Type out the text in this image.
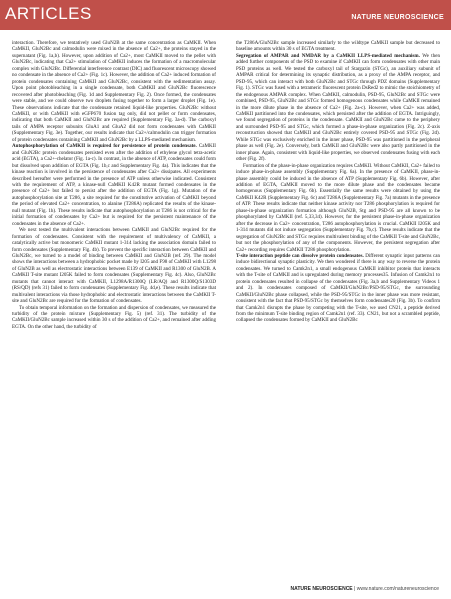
ARTICLES	NATURE NEUROSCIENCE

interaction. Therefore, we tentatively used GluN2B at the same concentration as CaMKII. When CaMKII, GluN2Bc and calmodulin were mixed in the absence of Ca2+, the proteins stayed in the supernatant (Fig. 1a,b). However, upon addition of Ca2+, most CaMKII moved to the pellet with GluN2Bc, indicating that Ca2+ stimulation of CaMKII induces the formation of a macromolecular complex with GluN2Bc. Differential interference contrast (DIC) and fluorescent microscopy showed no condensate in the absence of Ca2+ (Fig. 1c). However, the addition of Ca2+ induced formation of protein condensates containing CaMKII and GluN2Bc, consistent with the sedimentation assay. Upon point photobleaching in a single condensate, both CaMKII and GluN2Bc fluorescence recovered after photobleaching (Fig. 1d and Supplementary Fig. 2). Once formed, the condensates were stable, and we could observe two droplets fusing together to form a larger droplet (Fig. 1e). These observations indicate that the condensate retained liquid-like properties. GluN2Bc without CaMKII, or with CaMKII with eGFP670 fusion tag only, did not pellet or form condensates, indicating that both CaMKII and GluN2Bc are required (Supplementary Fig. 3a-d). The carboxyl tails of AMPA receptor subunits GluA1 and GluA2 did not form condensates with CaMKII (Supplementary Fig. 3e). Together, our results indicate that Ca2+/calmodulin can trigger formation of protein condensates containing CaMKII and GluN2Bc by a LLPS-mediated mechanism.

Autophosphorylation of CaMKII is required for persistence of protein condensate. CaMKII and GluN2Bc protein condensates persisted even after the addition of ethylene glycol tetra-acetic acid (EGTA), a Ca2+-chelator (Fig. 1a-c). In contrast, in the absence of ATP, condensates could form but dissolved upon addition of EGTA (Fig. 1b,c and Supplementary Fig. 4a). This indicates that the kinase reaction is involved in the persistence of condensates after Ca2+ dissipates. All experiments described hereafter were performed in the presence of ATP unless otherwise indicated. Consistent with the requirement of ATP, a kinase-null CaMKII K42R mutant formed condensates in the presence of Ca2+ but failed to persist after the addition of EGTA (Fig. 1g). Mutation of the autophosphorylation site at T286, a site required for the constitutive activation of CaMKII beyond the period of elevated Ca2+ concentration, to alanine (T286A) replicated the results of the kinase-null mutant (Fig. 1h). These results indicate that autophosphorylation at T286 is not critical for the initial formation of condensates by Ca2+ but is required for the persistent maintenance of the condensates in the absence of Ca2+.

We next tested the multivalent interactions between CaMKII and GluN2Bc required for the formation of condensates. Consistent with the requirement of multivalency of CaMKII, a catalytically active but monomeric CaMKII mutant 1-314 lacking the association domain failed to form condensates (Supplementary Fig. 4b). To prevent the specific interaction between CaMKII and GluN2Bc, we turned to a model of binding between CaMKII and GluN2B (ref. 29). The model shows the interactions between a hydrophobic pocket made by I205 and F98 of CaMKII with L1298 of GluN2B as well as electrostatic interactions between E139 of CaMKII and R1300 of GluN2B. A CaMKII T-site mutant I205K failed to form condensates (Supplementary Fig. 4c). Also, GluN2Bc mutants that cannot interact with CaMKII, L1298A/R1300Q (LR/AQ) and R1300Q/S1303D (RS/QD) (refs 31) failed to form condensates (Supplementary Fig. 4d,e). These results indicate that multivalent interactions via those hydrophobic and electrostatic interactions between the CaMKII T-site and GluN2Bc are required for the formation of condensates.

To obtain temporal information on the formation and dispersion of condensates, we measured the turbidity of the protein mixture (Supplementary Fig. 5) (ref. 31). The turbidity of the CaMKII/GluN2Bc sample increased within 30 s of the addition of Ca2+, and remained after adding EGTA. On the other hand, the turbidity of

the T286A/GluN2Bc sample increased similarly to the wildtype CaMKII sample but decreased to baseline amounts within 30 s of EGTA treatment.

Segregation of AMPAR and NMDAR by a CaMKII LLPS-mediated mechanism. We then added further components of the PSD to examine if CaMKII can form condensates with other main PSD proteins as well. We tested the carboxyl tail of Stargazin (STGc), an auxiliary subunit of AMPAR critical for determining its synaptic distribution, as a proxy of the AMPA receptor, and PSD-95, which can interact with both GluN2Bc and STGc through PDZ domains (Supplementary Fig. 1). STGc was fused with a tetrameric fluorescent protein DsRed2 to mimic the stoichiometry of the endogenous AMPAR complex. When CaMKII, calmodulin, PSD-95, GluN2Bc and STGc were combined, PSD-95, GluN2Bc and STGc formed homogenous condensates while CaMKII remained in the more dilute phase in the absence of Ca2+ (Fig. 2a-c). However, when Ca2+ was added, CaMKII partitioned into the condensates, which persisted after the addition of EGTA. Intriguingly, we found segregation of proteins in the condensate. CaMKII and GluN2Bc came to the periphery and surrounded PSD-95 and STGc, which formed a phase-in-phase organization (Fig. 2c). Z-axis reconstruction showed that CaMKII and GluN2Bc entirely covered PSD-95 and STGc (Fig. 2d). While STGc was exclusively enriched in the inner phase, PSD-95 was partitioned in the peripheral phase as well (Fig. 2e). Conversely, both CaMKII and GluN2Bc were also partly partitioned in the inner phase. Again, consistent with liquid-like properties, we observed condensates fusing with each other (Fig. 2f).

Formation of the phase-in-phase organization requires CaMKII. Without CaMKII, Ca2+ failed to induce phase-in-phase assembly (Supplementary Fig. 6a). In the presence of CaMKII, phase-in-phase assembly could be induced in the absence of ATP (Supplementary Fig. 6b). However, after addition of EGTA, CaMKII moved to the more dilute phase and the condensates became homogenous (Supplementary Fig. 6b). Essentially the same results were obtained by using the CaMKII K42R (Supplementary Fig. 6c) and T286A (Supplementary Fig. 7a) mutants in the presence of ATP. These results indicate that neither kinase activity nor T286 phosphorylation is required for phase-in-phase organization formation although GluN2B, Stg and PSD-95 are all known to be phosphorylated by CaMKII (ref. 5,33,34). However, for the persistent phase-in-phase organization after the decrease in Ca2+ concentration, T286 autophosphorylation is crucial. CaMKII I205K and 1-314 mutants did not induce segregation (Supplementary Fig. 7b,c). These results indicate that the segregation of GluN2Bc and STGc requires multivalent binding of the CaMKII T-site and GluN2Bc, but not the phosphorylation of any of the components. However, the persistent segregation after Ca2+ recording requires CaMKII T286 phosphorylation.

T-site interaction peptide can dissolve protein condensates. Different synaptic input patterns can induce bidirectional synaptic plasticity. We then wondered if there is any way to reverse the protein condensates. We turned to Camk2n1, a small endogenous CaMKII inhibitor protein that interacts with the T-site of CaMKII and is upregulated during memory processes35. Infusion of Camk2n1 to protein condensates resulted in collapse of the condensates (Fig. 3a,b and Supplementary Videos 1 and 2). In condensates composed of CaMKII/GluN2Bc/PSD-95/STGc, the surrounding CaMKII/GluN2Bc phase collapsed, while the PSD-95/STGc in the inner phase was more resistant, consistent with the fact that PSD-95/STGc by themselves form condensates20 (Fig. 3b). To confirm that Camk2n1 disrupts the phase by competing with the T-site, we used CN21, a peptide derived from the minimum T-site binding region of Camk2n1 (ref. 33). CN21, but not a scrambled peptide, collapsed the condensates formed by CaMKII and GluN2Bc

NATURE NEUROSCIENCE | www.nature.com/natureneuroscience
